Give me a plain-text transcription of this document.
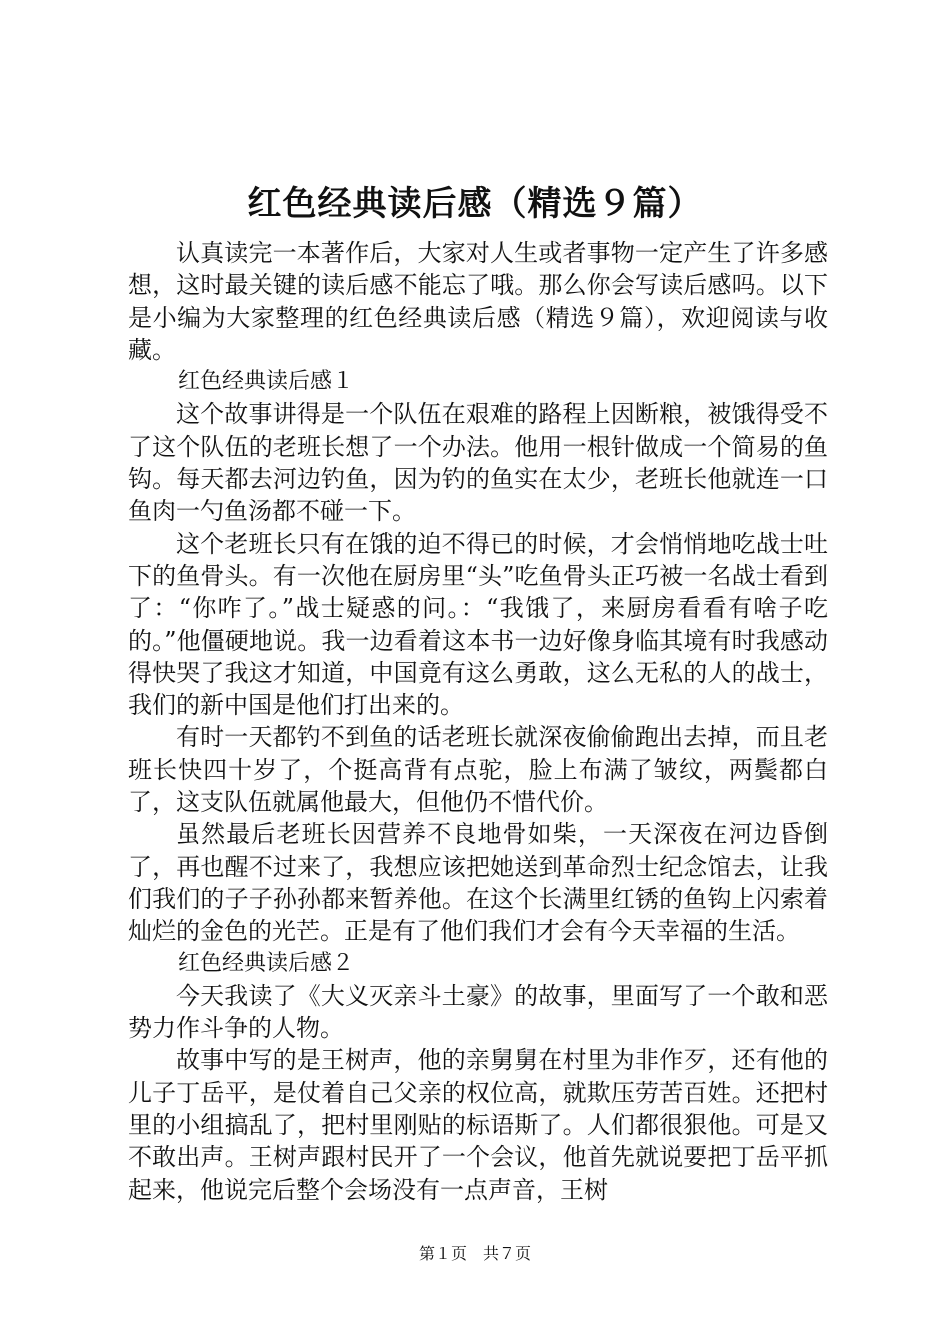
红色经典读后感（精选９篇）

认真读完一本著作后，大家对人生或者事物一定产生了许多感想，这时最关键的读后感不能忘了哦。那么你会写读后感吗。以下是小编为大家整理的红色经典读后感（精选９篇），欢迎阅读与收藏。

红色经典读后感１

这个故事讲得是一个队伍在艰难的路程上因断粮，被饿得受不了这个队伍的老班长想了一个办法。他用一根针做成一个简易的鱼钩。每天都去河边钓鱼，因为钓的鱼实在太少，老班长他就连一口鱼肉一勺鱼汤都不碰一下。

这个老班长只有在饿的迫不得已的时候，才会悄悄地吃战士吐下的鱼骨头。有一次他在厨房里“头”吃鱼骨头正巧被一名战士看到了：“你咋了。”战士疑惑的问。：“我饿了，来厨房看看有啥子吃的。”他僵硬地说。我一边看着这本书一边好像身临其境有时我感动得快哭了我这才知道，中国竟有这么勇敢，这么无私的人的战士，我们的新中国是他们打出来的。

有时一天都钓不到鱼的话老班长就深夜偷偷跑出去掉，而且老班长快四十岁了，个挺高背有点驼，脸上布满了皱纹，两鬓都白了，这支队伍就属他最大，但他仍不惜代价。

虽然最后老班长因营养不良地骨如柴，一天深夜在河边昏倒了，再也醒不过来了，我想应该把她送到革命烈士纪念馆去，让我们我们的子子孙孙都来暂养他。在这个长满里红锈的鱼钩上闪索着灿烂的金色的光芒。正是有了他们我们才会有今天幸福的生活。

红色经典读后感２

今天我读了《大义灭亲斗土豪》的故事，里面写了一个敢和恶势力作斗争的人物。

故事中写的是王树声，他的亲舅舅在村里为非作歹，还有他的儿子丁岳平，是仗着自己父亲的权位高，就欺压劳苦百姓。还把村里的小组搞乱了，把村里刚贴的标语斯了。人们都很狠他。可是又不敢出声。王树声跟村民开了一个会议，他首先就说要把丁岳平抓起来，他说完后整个会场没有一点声音，王树

第１页　共７页
